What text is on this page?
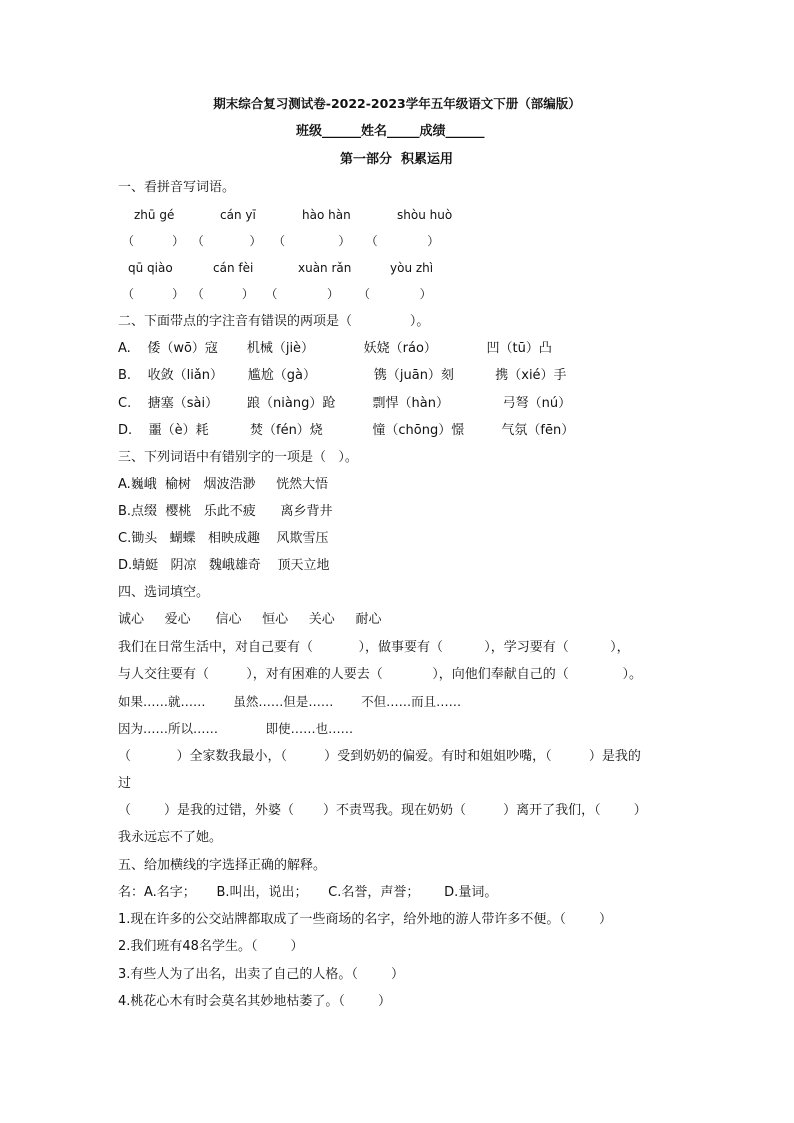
期末综合复习测试卷-2022-2023学年五年级语文下册（部编版）
班级______姓名_____成绩______
第一部分  积累运用
一、看拼音写词语。
zhū gé	cán yī	hào hàn	shòu huò
（          ）  （            ）   （              ）    （             ）
qū qiào	cán fèi	xuàn rǎn	yòu zhì
（          ）  （          ）   （             ）     （             ）
二、下面带点的字注音有错误的两项是（              ）。
A.    倭（wō）寇       机械（jiè）            妖娆（ráo）            凹（tū）凸
B.    收敛（liǎn）      尴尬（gà）              镌（juān）刻          携（xié）手
C.    搪塞（sài）       踉（niàng）跄         剽悍（hàn）             弓弩（nú）
D.    噩（è）耗          焚（fén）烧            憧（chōng）憬         气氛（fēn）
三、下列词语中有错别字的一项是（   ）。
A.巍峨  榆树   烟波浩渺     恍然大悟
B.点缀  樱桃   乐此不疲      离乡背井
C.锄头   蝴蝶   相映成趣    风欺雪压
D.蜻蜓   阴凉   魏峨雄奇    顶天立地
四、选词填空。
诚心     爱心      信心     恒心     关心     耐心
我们在日常生活中，对自己要有（           ），做事要有（          ），学习要有（          ），
与人交往要有（         ），对有困难的人要去（            ），向他们奉献自己的（             ）。
如果……就……       虽然……但是……       不但……而且……
因为……所以……            即使……也……
（           ）全家数我最小，（         ）受到奶奶的偏爱。有时和姐姐吵嘴，（         ）是我的
过
（        ）是我的过错，外婆（       ）不责骂我。现在奶奶（         ）离开了我们，（        ）
我永远忘不了她。
五、给加横线的字选择正确的解释。
名：A.名字；     B.叫出，说出；     C.名誉，声誉；      D.量词。
1.现在许多的公交站牌都取成了一些商场的名字，给外地的游人带许多不便。（        ）
2.我们班有48名学生。（        ）
3.有些人为了出名，出卖了自己的人格。（        ）
4.桃花心木有时会莫名其妙地枯萎了。（        ）
